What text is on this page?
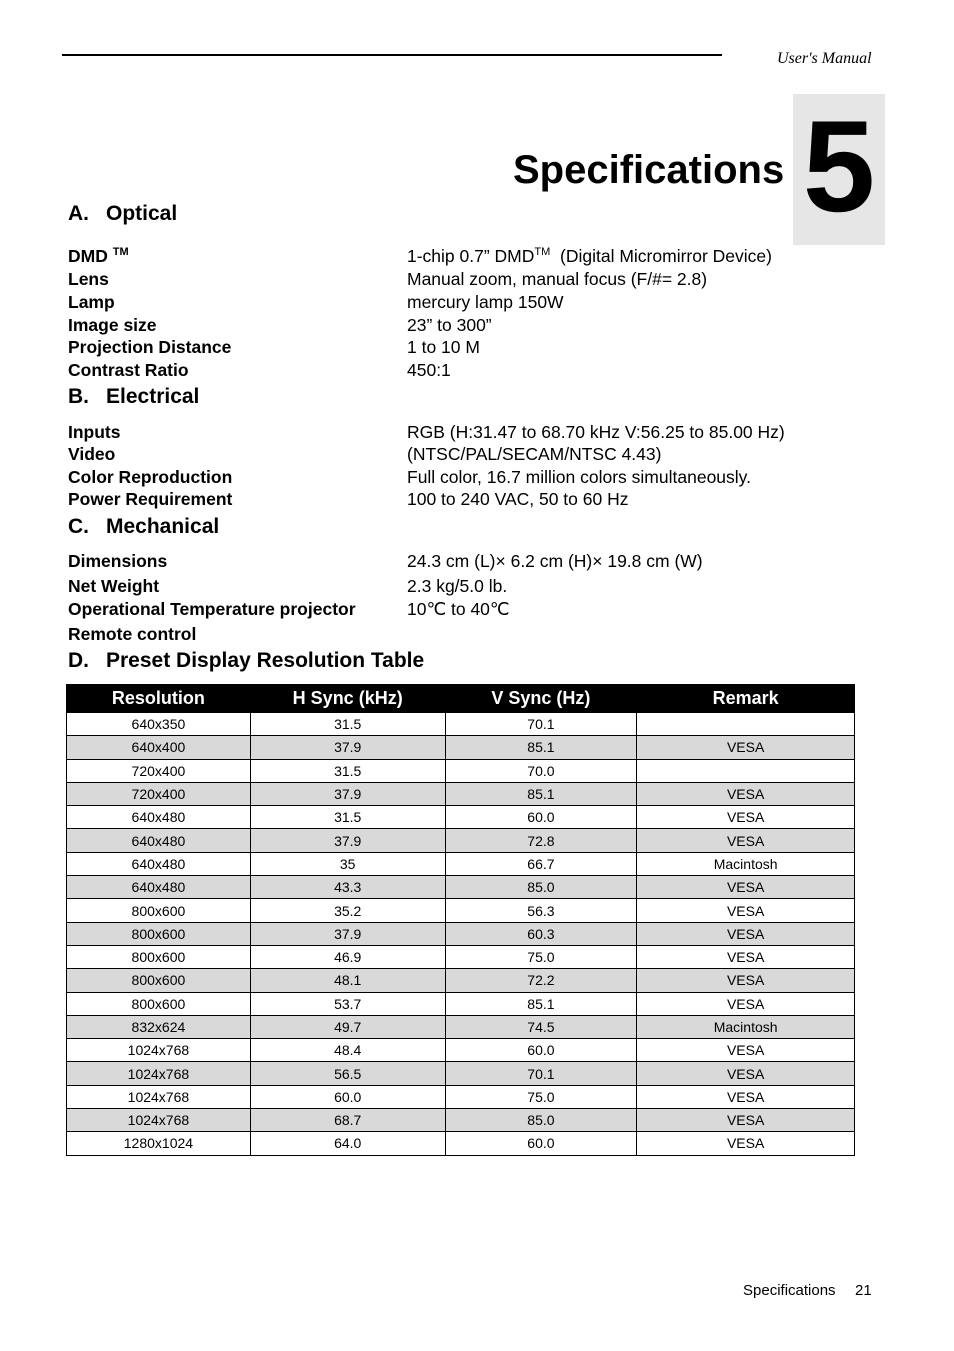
User's Manual
5
Specifications
A. Optical
DMD ™	1-chip 0.7” DMD™  (Digital Micromirror Device)
Lens	Manual zoom, manual focus (F/#= 2.8)
Lamp	mercury lamp 150W
Image size	23” to 300”
Projection Distance	1 to 10 M
Contrast Ratio	450:1
B. Electrical
Inputs	RGB (H:31.47 to 68.70 kHz V:56.25 to 85.00 Hz)
Video	(NTSC/PAL/SECAM/NTSC 4.43)
Color Reproduction	Full color, 16.7 million colors simultaneously.
Power Requirement	100 to 240 VAC, 50 to 60 Hz
C. Mechanical
Dimensions	24.3 cm (L)× 6.2 cm (H)× 19.8 cm (W)
Net Weight	2.3 kg/5.0 lb.
Operational Temperature projector	10℃ to 40℃
Remote control
D. Preset Display Resolution Table
Resolution	H Sync (kHz)	V Sync (Hz)	Remark
640x350	31.5	70.1	
640x400	37.9	85.1	VESA
720x400	31.5	70.0	
720x400	37.9	85.1	VESA
640x480	31.5	60.0	VESA
640x480	37.9	72.8	VESA
640x480	35	66.7	Macintosh
640x480	43.3	85.0	VESA
800x600	35.2	56.3	VESA
800x600	37.9	60.3	VESA
800x600	46.9	75.0	VESA
800x600	48.1	72.2	VESA
800x600	53.7	85.1	VESA
832x624	49.7	74.5	Macintosh
1024x768	48.4	60.0	VESA
1024x768	56.5	70.1	VESA
1024x768	60.0	75.0	VESA
1024x768	68.7	85.0	VESA
1280x1024	64.0	60.0	VESA
Specifications 21
